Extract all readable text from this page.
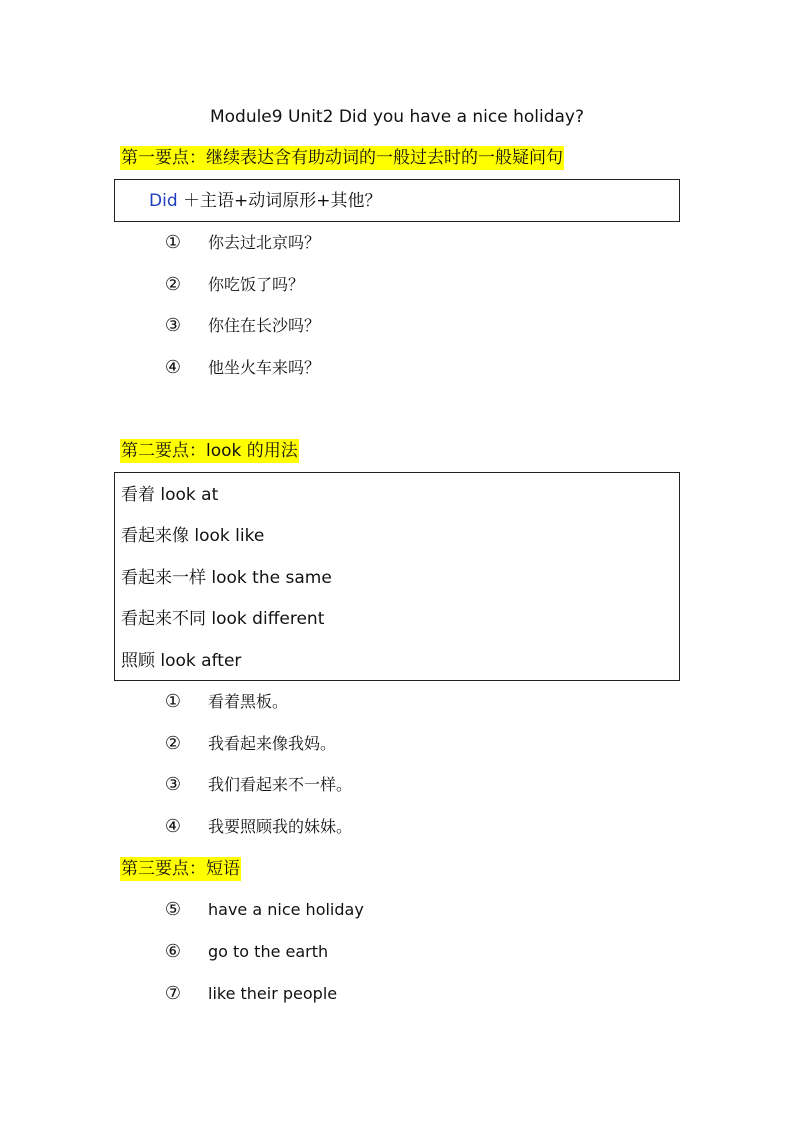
Module9 Unit2 Did you have a nice holiday?
第一要点：继续表达含有助动词的一般过去时的一般疑问句
Did ＋主语+动词原形+其他？
① 你去过北京吗？
② 你吃饭了吗？
③ 你住在长沙吗？
④ 他坐火车来吗？
第二要点：look 的用法
看着 look at
看起来像 look like
看起来一样 look the same
看起来不同 look different
照顾 look after
① 看着黑板。
② 我看起来像我妈。
③ 我们看起来不一样。
④ 我要照顾我的妹妹。
第三要点：短语
⑤ have a nice holiday
⑥ go to the earth
⑦ like their people
